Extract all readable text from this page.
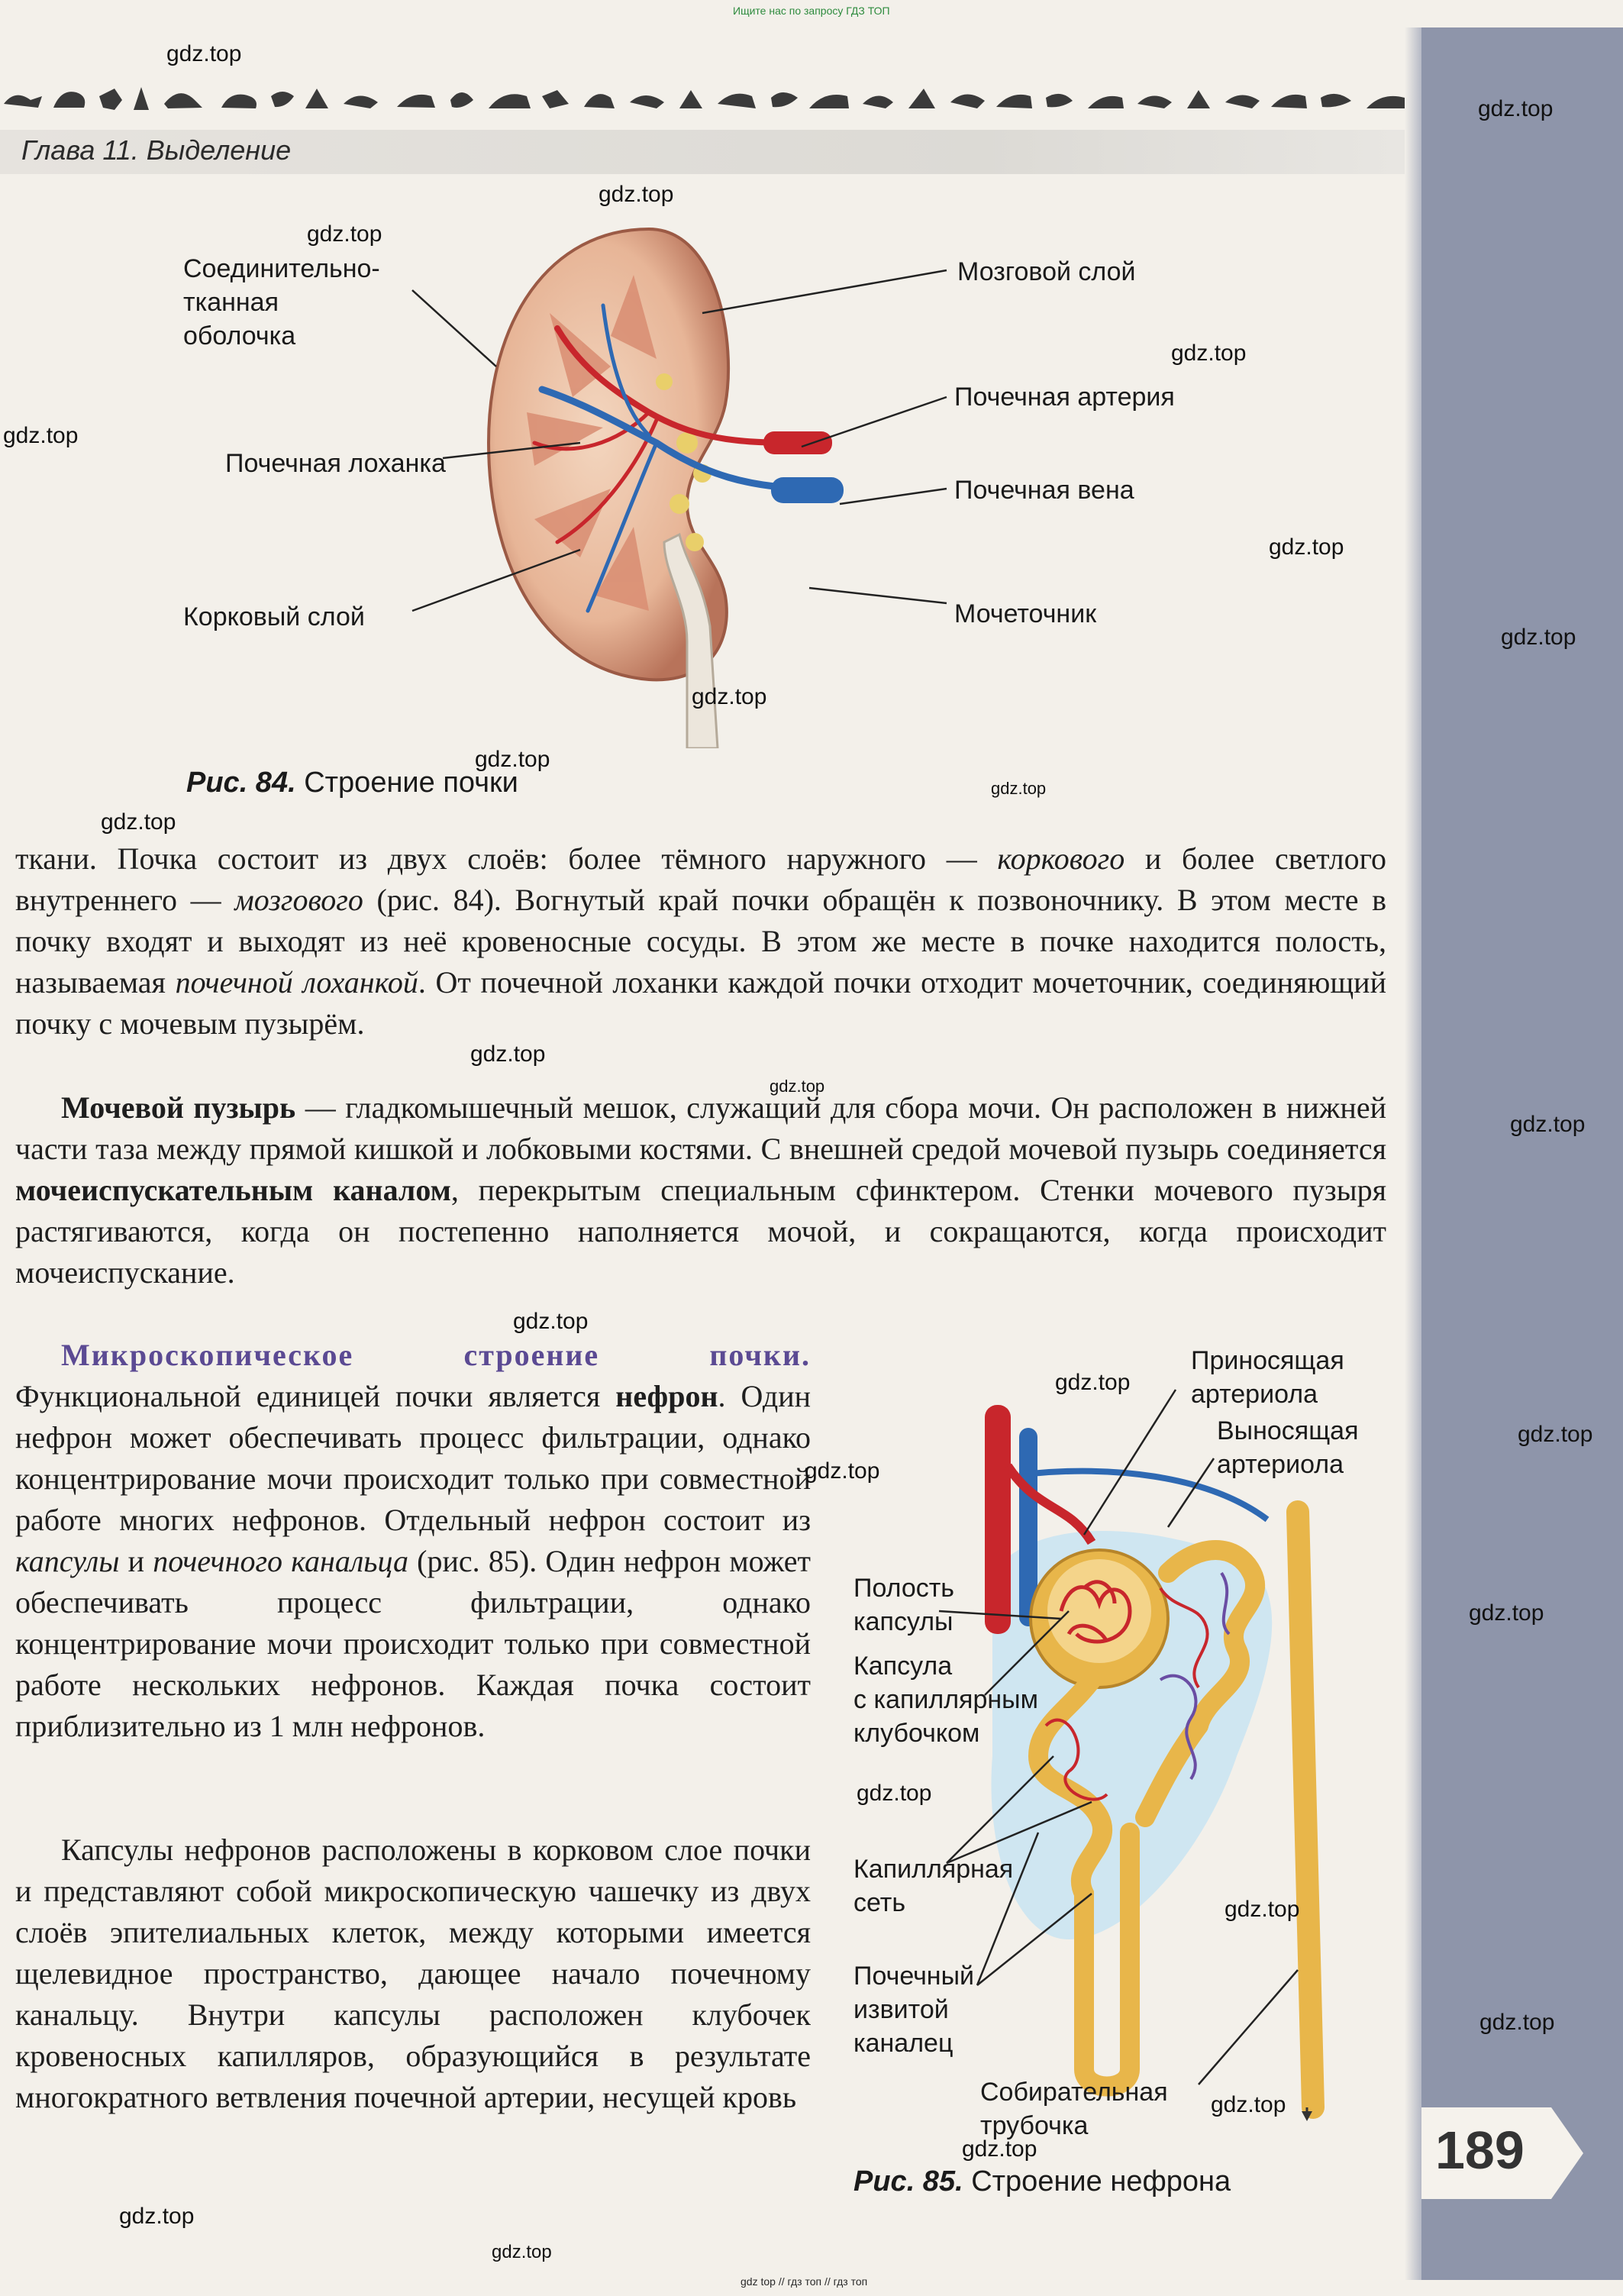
Ищите нас по запросу ГДЗ ТОП
Глава 11. Выделение
189
Соединительно-
тканная
оболочка
Мозговой слой
Почечная артерия
Почечная лоханка
Почечная вена
Корковый слой	Мочеточник
Рис. 84. Строение почки

ткани. Почка состоит из двух слоёв: более тёмного наружного — коркового и более светлого внутреннего — мозгового (рис. 84). Вогнутый край почки обращён к позвоночнику. В этом месте в почку входят и выходят из неё кровеносные сосуды. В этом же месте в почке находится полость, называемая почечной лоханкой. От почечной лоханки каждой почки отходит мочеточник, соединяющий почку с мочевым пузырём.

Мочевой пузырь — гладкомышечный мешок, служащий для сбора мочи. Он расположен в нижней части таза между прямой кишкой и лобковыми костями. С внешней средой мочевой пузырь соединяется мочеиспускательным каналом, перекрытым специальным сфинктером. Стенки мочевого пузыря растягиваются, когда он постепенно наполняется мочой, и сокращаются, когда происходит мочеиспускание.

Микроскопическое строение почки. Функциональной единицей почки является нефрон. Один нефрон может обеспечивать процесс фильтрации, однако концентрирование мочи происходит только при совместной работе многих нефронов. Отдельный нефрон состоит из капсулы и почечного канальца (рис. 85). Один нефрон может обеспечивать процесс фильтрации, однако концентрирование мочи происходит только при совместной работе нескольких нефронов. Каждая почка состоит приблизительно из 1 млн нефронов.

Капсулы нефронов расположены в корковом слое почки и представляют собой микроскопическую чашечку из двух слоёв эпителиальных клеток, между которыми имеется щелевидное пространство, дающее начало почечному канальцу. Внутри капсулы расположен клубочек кровеносных капилляров, образующийся в результате многократного ветвления почечной артерии, несущей кровь

Приносящая
артериола
Выносящая
артериола
Полость
капсулы
Капсула
с капиллярным
клубочком
Капиллярная
сеть
Почечный
извитой
каналец
Собирательная
трубочка
Рис. 85. Строение нефрона
gdz.top
gdz.top
gdz.top
gdz.top
gdz.top
gdz.top
gdz.top
gdz.top
gdz.top
gdz.top
gdz.top
gdz.top
gdz.top
gdz.top
gdz.top
gdz.top
gdz.top
gdz.top
gdz.top
gdz.top
gdz.top
gdz.top
gdz.top
gdz.top
gdz.top
gdz.top
gdz.top
gdz top // гдз топ // гдз топ
